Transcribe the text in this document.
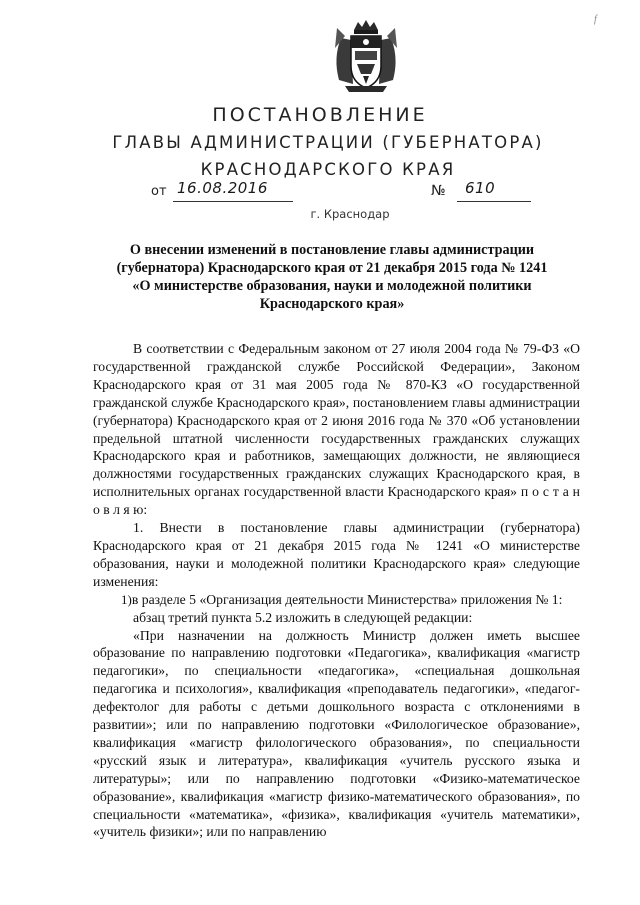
f
ПОСТАНОВЛЕНИЕ
ГЛАВЫ АДМИНИСТРАЦИИ (ГУБЕРНАТОРА)
КРАСНОДАРСКОГО КРАЯ
от 16.08.2016	№ 610
г. Краснодар
О внесении изменений в постановление главы администрации
(губернатора) Краснодарского края от 21 декабря 2015 года № 1241
«О министерстве образования, науки и молодежной политики
Краснодарского края»

В соответствии с Федеральным законом от 27 июля 2004 года № 79-ФЗ «О государственной гражданской службе Российской Федерации», Законом Краснодарского края от 31 мая 2005 года № 870-КЗ «О государственной гражданской службе Краснодарского края», постановлением главы администрации (губернатора) Краснодарского края от 2 июня 2016 года № 370 «Об установлении предельной штатной численности государственных гражданских служащих Краснодарского края и работников, замещающих должности, не являющиеся должностями государственных гражданских служащих Краснодарского края, в исполнительных органах государственной власти Краснодарского края» п о с т а н о в л я ю:

1. Внести в постановление главы администрации (губернатора) Краснодарского края от 21 декабря 2015 года № 1241 «О министерстве образования, науки и молодежной политики Краснодарского края» следующие изменения:

1)в разделе 5 «Организация деятельности Министерства» приложения № 1:

абзац третий пункта 5.2 изложить в следующей редакции:

«При назначении на должность Министр должен иметь высшее образование по направлению подготовки «Педагогика», квалификация «магистр педагогики», по специальности «педагогика», «специальная дошкольная педагогика и психология», квалификация «преподаватель педагогики», «педагог-дефектолог для работы с детьми дошкольного возраста с отклонениями в развитии»; или по направлению подготовки «Филологическое образование», квалификация «магистр филологического образования», по специальности «русский язык и литература», квалификация «учитель русского языка и литературы»; или по направлению подготовки «Физико-математическое образование», квалификация «магистр физико-математического образования», по специальности «математика», «физика», квалификация «учитель математики», «учитель физики»; или по направлению
